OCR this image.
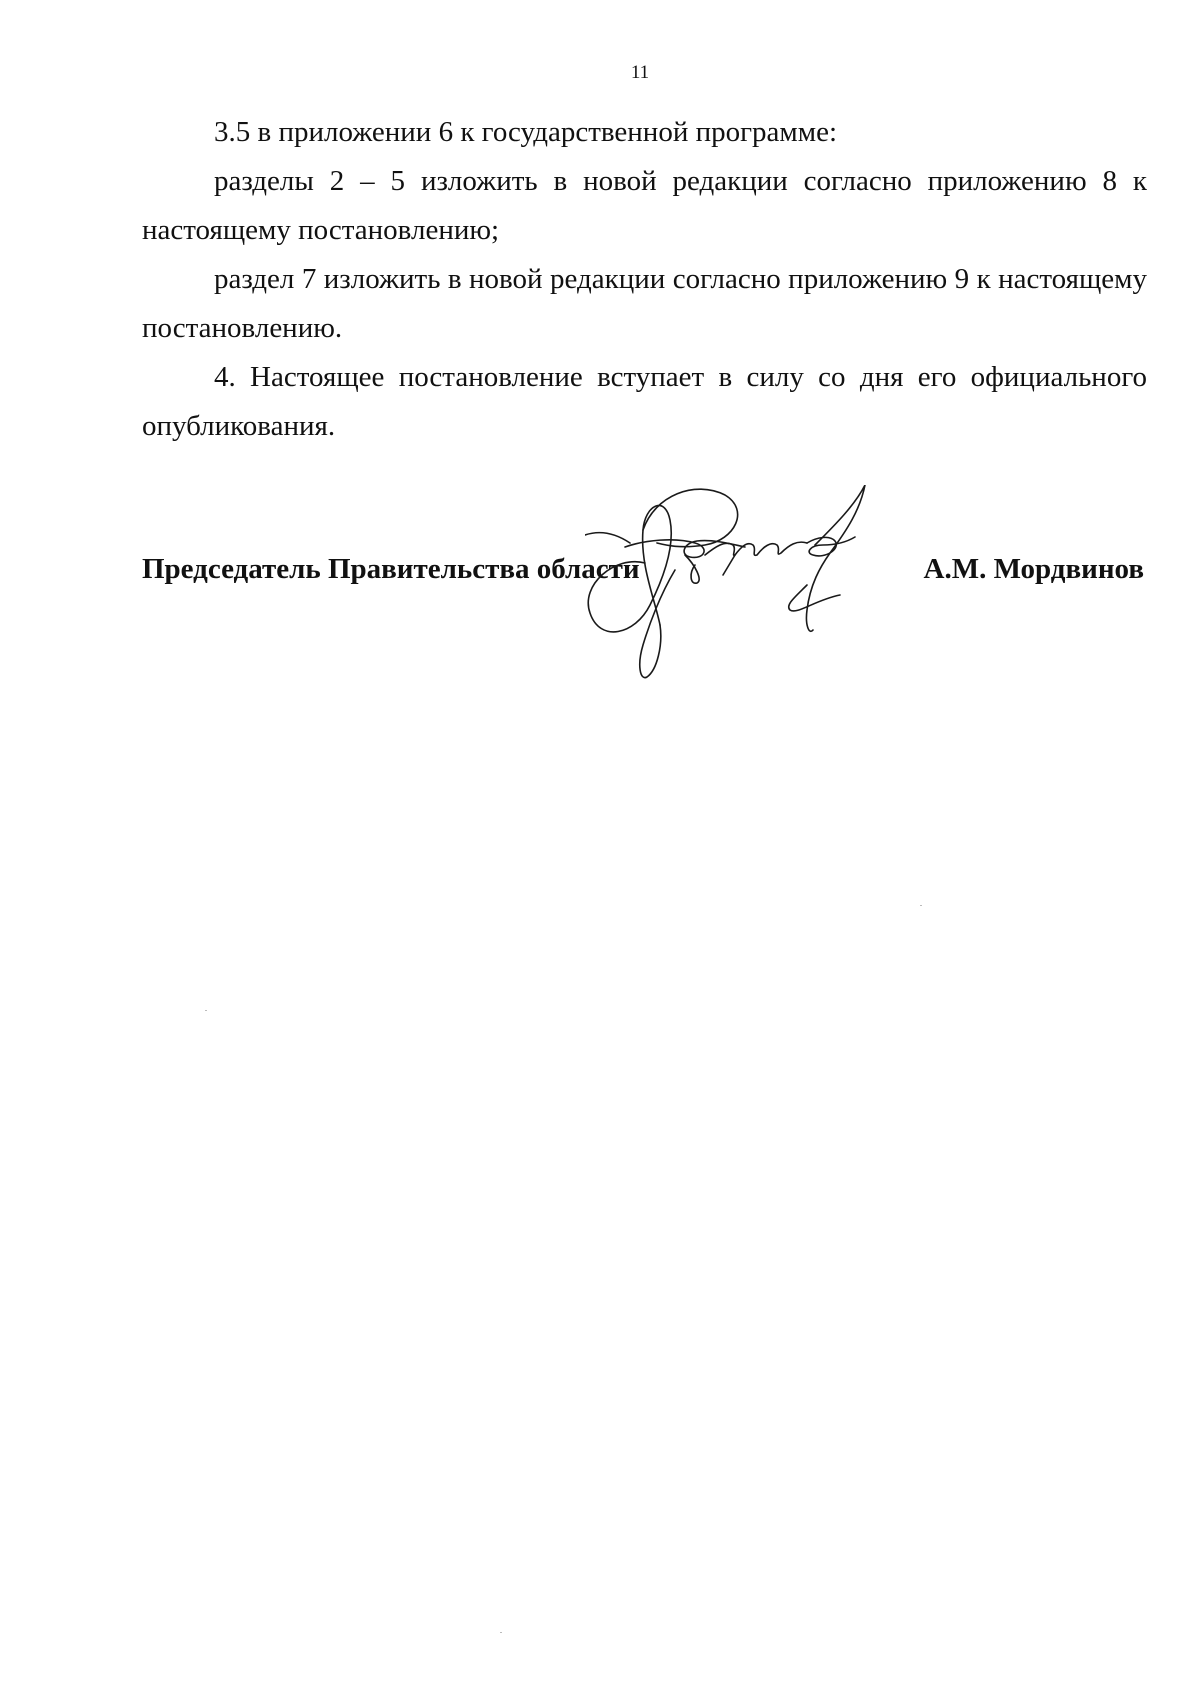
11

3.5 в приложении 6 к государственной программе:

разделы 2 – 5 изложить в новой редакции согласно приложению 8 к настоящему постановлению;

раздел 7 изложить в новой редакции согласно приложению 9 к настоящему постановлению.

4. Настоящее постановление вступает в силу со дня его официального опубликования.

Председатель Правительства области	А.М. Мордвинов
